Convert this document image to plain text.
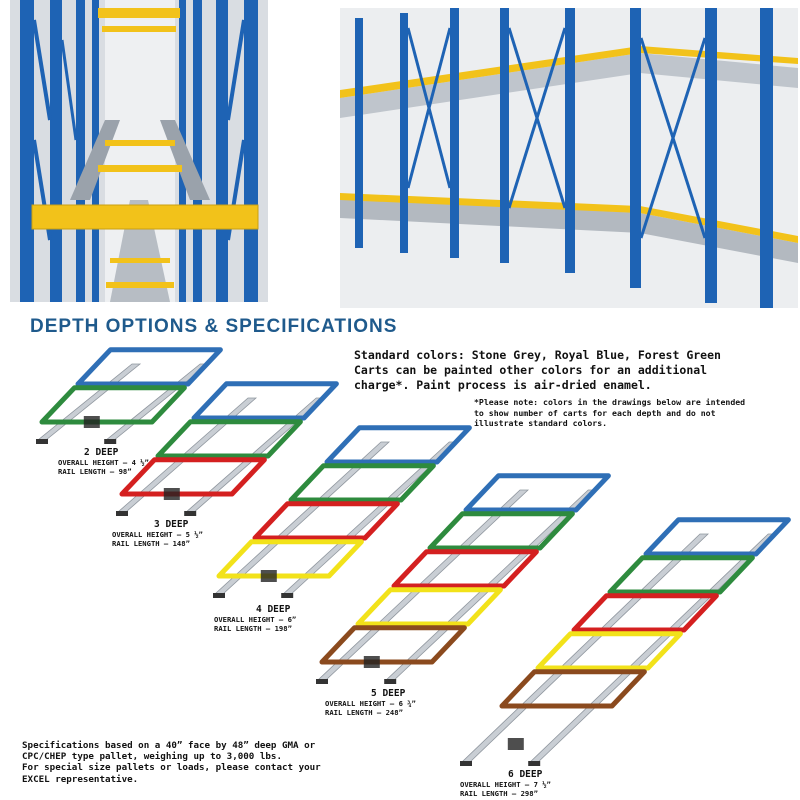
DEPTH OPTIONS & SPECIFICATIONS
Standard colors: Stone Grey, Royal Blue, Forest Green
Carts can be painted other colors for an additional
charge*. Paint process is air-dried enamel.
*Please note: colors in the drawings below are intended
to show number of carts for each depth and do not
illustrate standard colors.
2 DEEP
OVERALL HEIGHT – 4 ½”
RAIL LENGTH – 98”
3 DEEP
OVERALL HEIGHT – 5 ½”
RAIL LENGTH – 148”
4 DEEP
OVERALL HEIGHT – 6”
RAIL LENGTH – 198”
5 DEEP
OVERALL HEIGHT – 6 ¾”
RAIL LENGTH – 248”
6 DEEP
OVERALL HEIGHT – 7 ½”
RAIL LENGTH – 298”
Specifications based on a 40” face by 48” deep GMA or
CPC/CHEP type pallet, weighing up to 3,000 lbs.
For special size pallets or loads, please contact your
EXCEL representative.
